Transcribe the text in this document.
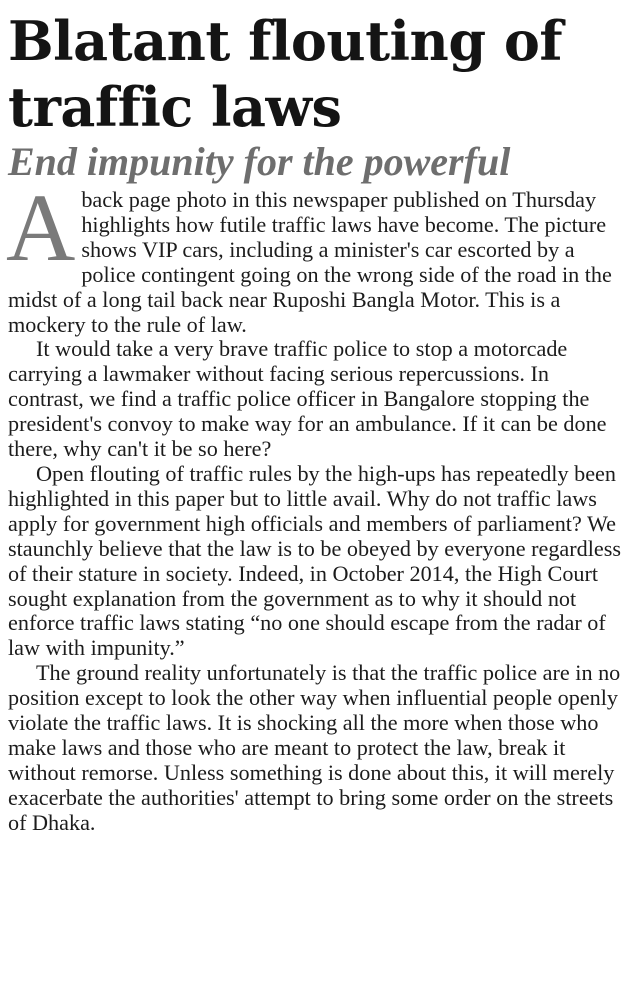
Blatant flouting of traffic laws
End impunity for the powerful

A back page photo in this newspaper published on Thursday highlights how futile traffic laws have become. The picture shows VIP cars, including a minister's car escorted by a police contingent going on the wrong side of the road in the midst of a long tail back near Ruposhi Bangla Motor. This is a mockery to the rule of law.

It would take a very brave traffic police to stop a motorcade carrying a lawmaker without facing serious repercussions. In contrast, we find a traffic police officer in Bangalore stopping the president's convoy to make way for an ambulance. If it can be done there, why can't it be so here?

Open flouting of traffic rules by the high-ups has repeatedly been highlighted in this paper but to little avail. Why do not traffic laws apply for government high officials and members of parliament? We staunchly believe that the law is to be obeyed by everyone regardless of their stature in society. Indeed, in October 2014, the High Court sought explanation from the government as to why it should not enforce traffic laws stating “no one should escape from the radar of law with impunity.”

The ground reality unfortunately is that the traffic police are in no position except to look the other way when influential people openly violate the traffic laws. It is shocking all the more when those who make laws and those who are meant to protect the law, break it without remorse. Unless something is done about this, it will merely exacerbate the authorities' attempt to bring some order on the streets of Dhaka.
